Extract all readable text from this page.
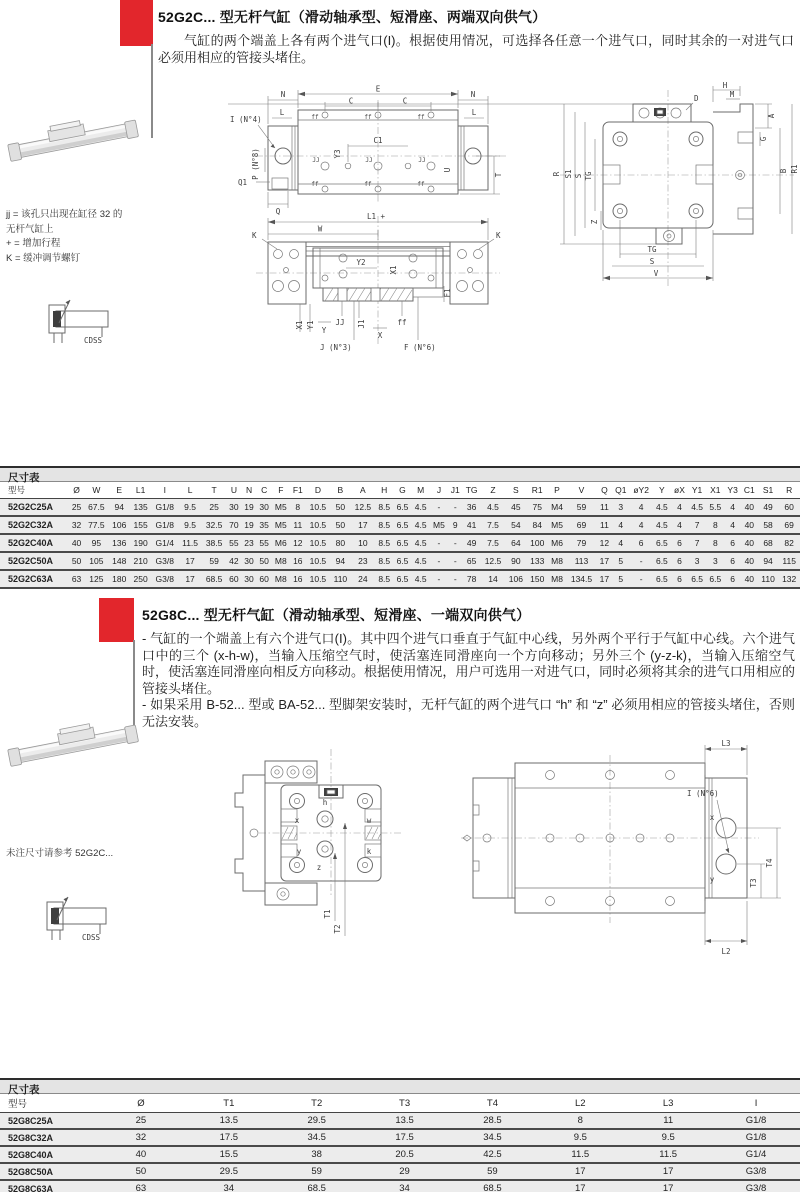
52G2C... 型无杆气缸（滑动轴承型、短滑座、两端双向供气）

气缸的两个端盖上各有两个进气口(I)。根据使用情况，可选择各任意一个进气口，同时其余的一对进气口必须用相应的管接头堵住。

jj = 该孔只出现在缸径 32 的
无杆气缸上
+ = 增加行程
K = 缓冲调节螺钉
CDSS
ff	ff	ff
ff	ff	ff
JJ	JJ	JJ
Y3
C1
U
T
E
C	C
N	N
L	L
I (N°4)
P (N°8)
Q1
Q
L1 +
W
K
K
Y2
X1
F1
X1 Y1
Y
JJ J1
X
ff
J (N°3)	F (N°6)
D
H
M
A
G
B R1
R S1 S TG
Z
TG
S
V
尺寸表
型号	Ø	W	E	L1	I	L	T	U	N	C	F	F1	D	B	A	H	G	M	J	J1	TG	Z	S	R1	P	V	Q	Q1	øY2	Y	øX	Y1	X1	Y3	C1	S1	R
52G2C25A	25	67.5	94	135	G1/8	9.5	25	30	19	30	M5	8	10.5	50	12.5	8.5	6.5	4.5	-	-	36	4.5	45	75	M4	59	11	3	4	4.5	4	4.5	5.5	4	40	49	60
52G2C32A	32	77.5	106	155	G1/8	9.5	32.5	70	19	35	M5	11	10.5	50	17	8.5	6.5	4.5	M5	9	41	7.5	54	84	M5	69	11	4	4	4.5	4	7	8	4	40	58	69
52G2C40A	40	95	136	190	G1/4	11.5	38.5	55	23	55	M6	12	10.5	80	10	8.5	6.5	4.5	-	-	49	7.5	64	100	M6	79	12	4	6	6.5	6	7	8	6	40	68	82
52G2C50A	50	105	148	210	G3/8	17	59	42	30	50	M8	16	10.5	94	23	8.5	6.5	4.5	-	-	65	12.5	90	133	M8	113	17	5	-	6.5	6	3	3	6	40	94	115
52G2C63A	63	125	180	250	G3/8	17	68.5	60	30	60	M8	16	10.5	110	24	8.5	6.5	4.5	-	-	78	14	106	150	M8	134.5	17	5	-	6.5	6	6.5	6.5	6	40	110	132
52G8C... 型无杆气缸（滑动轴承型、短滑座、一端双向供气）

- 气缸的一个端盖上有六个进气口(I)。其中四个进气口垂直于气缸中心线，另外两个平行于气缸中心线。六个进气口中的三个 (x-h-w)，当输入压缩空气时，使活塞连同滑座向一个方向移动；另外三个 (y-z-k)，当输入压缩空气时，使活塞连同滑座向相反方向移动。根据使用情况，用户可选用一对进气口，同时必须将其余的进气口用相应的管接头堵住。

- 如果采用 B-52... 型或 BA-52... 型脚架安装时，无杆气缸的两个进气口 “h” 和 “z” 必须用相应的管接头堵住，否则无法安装。

未注尺寸请参考 52G2C...
CDSS
x
h
w
y
z
k
T1
T2
x
y
L3
L2
I (N°6)
T3
T4
尺寸表
型号	Ø	T1	T2	T3	T4	L2	L3	I
52G8C25A	25	13.5	29.5	13.5	28.5	8	11	G1/8
52G8C32A	32	17.5	34.5	17.5	34.5	9.5	9.5	G1/8
52G8C40A	40	15.5	38	20.5	42.5	11.5	11.5	G1/4
52G8C50A	50	29.5	59	29	59	17	17	G3/8
52G8C63A	63	34	68.5	34	68.5	17	17	G3/8
